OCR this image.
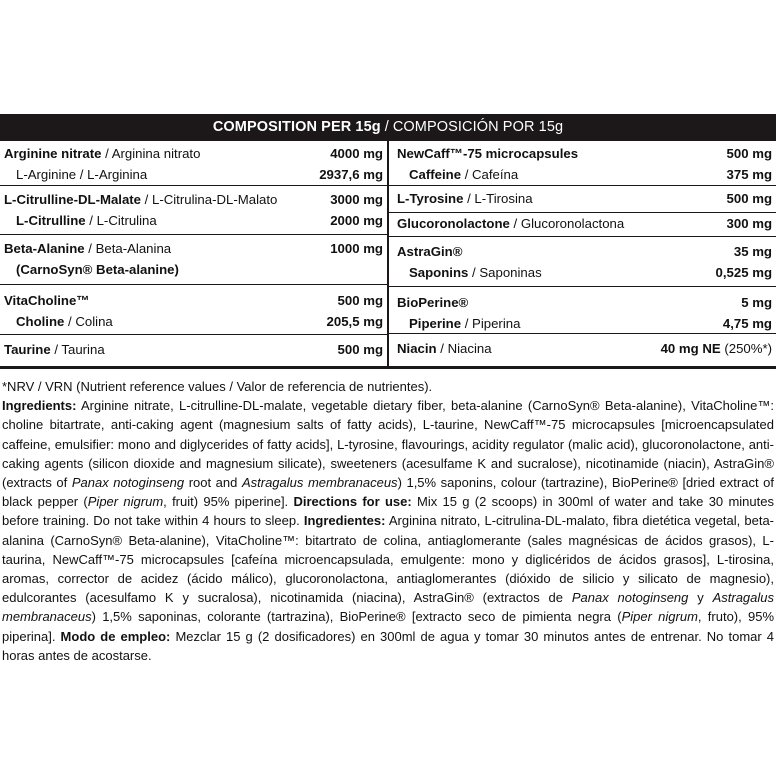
COMPOSITION PER 15g / COMPOSICIÓN POR 15g
Arginine nitrate / Arginina nitrato	4000 mg
L-Arginine / L-Arginina	2937,6 mg
L-Citrulline-DL-Malate / L-Citrulina-DL-Malato	3000 mg
L-Citrulline / L-Citrulina	2000 mg
Beta-Alanine / Beta-Alanina	1000 mg
(CarnoSyn® Beta-alanine)
VitaCholine™	500 mg
Choline / Colina	205,5 mg
Taurine / Taurina	500 mg
NewCaff™-75 microcapsules	500 mg
Caffeine / Cafeína	375 mg
L-Tyrosine / L-Tirosina	500 mg
Glucoronolactone / Glucoronolactona	300 mg
AstraGin®	35 mg
Saponins / Saponinas	0,525 mg
BioPerine®	5 mg
Piperine / Piperina	4,75 mg
Niacin / Niacina	40 mg NE (250%*)

*NRV / VRN (Nutrient reference values / Valor de referencia de nutrientes).

Ingredients: Arginine nitrate, L-citrulline-DL-malate, vegetable dietary fiber, beta-alanine (CarnoSyn® Beta-alanine), VitaCholine™: choline bitartrate, anti-caking agent (magnesium salts of fatty acids), L-taurine, NewCaff™-75 microcapsules [microencapsulated caffeine, emulsifier: mono and diglycerides of fatty acids], L-tyrosine, flavourings, acidity regulator (malic acid), glucoronolactone, anti-caking agents (silicon dioxide and magnesium silicate), sweeteners (acesulfame K and sucralose), nicotinamide (niacin), AstraGin® (extracts of Panax notoginseng root and Astragalus membranaceus) 1,5% saponins, colour (tartrazine), BioPerine® [dried extract of black pepper (Piper nigrum, fruit) 95% piperine]. Directions for use: Mix 15 g (2 scoops) in 300ml of water and take 30 minutes before training. Do not take within 4 hours to sleep. Ingredientes: Arginina nitrato, L-citrulina-DL-malato, fibra dietética vegetal, beta-alanina (CarnoSyn® Beta-alanine), VitaCholine™: bitartrato de colina, antiaglomerante (sales magnésicas de ácidos grasos), L-taurina, NewCaff™-75 microcapsules [cafeína microencapsulada, emulgente: mono y diglicéridos de ácidos grasos], L-tirosina, aromas, corrector de acidez (ácido málico), glucoronolactona, antiaglomerantes (dióxido de silicio y silicato de magnesio), edulcorantes (acesulfamo K y sucralosa), nicotinamida (niacina), AstraGin® (extractos de Panax notoginseng y Astragalus membranaceus) 1,5% saponinas, colorante (tartrazina), BioPerine® [extracto seco de pimienta negra (Piper nigrum, fruto), 95% piperina]. Modo de empleo: Mezclar 15 g (2 dosificadores) en 300ml de agua y tomar 30 minutos antes de entrenar. No tomar 4 horas antes de acostarse.
